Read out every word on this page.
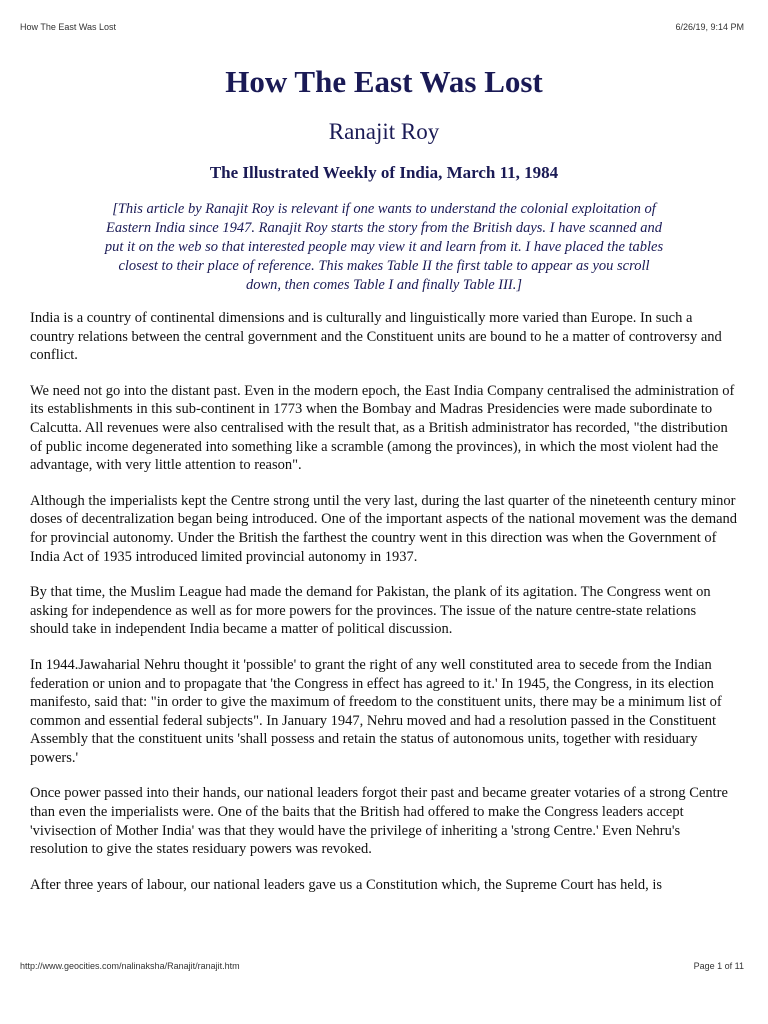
How The East Was Lost	6/26/19, 9:14 PM
How The East Was Lost
Ranajit Roy
The Illustrated Weekly of India, March 11, 1984

[This article by Ranajit Roy is relevant if one wants to understand the colonial exploitation of Eastern India since 1947. Ranajit Roy starts the story from the British days. I have scanned and put it on the web so that interested people may view it and learn from it. I have placed the tables closest to their place of reference. This makes Table II the first table to appear as you scroll down, then comes Table I and finally Table III.]

India is a country of continental dimensions and is culturally and linguistically more varied than Europe. In such a country relations between the central government and the Constituent units are bound to he a matter of controversy and conflict.

We need not go into the distant past. Even in the modern epoch, the East India Company centralised the administration of its establishments in this sub-continent in 1773 when the Bombay and Madras Presidencies were made subordinate to Calcutta. All revenues were also centralised with the result that, as a British administrator has recorded, "the distribution of public income degenerated into something like a scramble (among the provinces), in which the most violent had the advantage, with very little attention to reason".

Although the imperialists kept the Centre strong until the very last, during the last quarter of the nineteenth century minor doses of decentralization began being introduced. One of the important aspects of the national movement was the demand for provincial autonomy. Under the British the farthest the country went in this direction was when the Government of India Act of 1935 introduced limited provincial autonomy in 1937.

By that time, the Muslim League had made the demand for Pakistan, the plank of its agitation. The Congress went on asking for independence as well as for more powers for the provinces. The issue of the nature centre-state relations should take in independent India became a matter of political discussion.

In 1944.Jawaharial Nehru thought it 'possible' to grant the right of any well constituted area to secede from the Indian federation or union and to propagate that 'the Congress in effect has agreed to it.' In 1945, the Congress, in its election manifesto, said that: "in order to give the maximum of freedom to the constituent units, there may be a minimum list of common and essential federal subjects". In January 1947, Nehru moved and had a resolution passed in the Constituent Assembly that the constituent units 'shall possess and retain the status of autonomous units, together with residuary powers.'

Once power passed into their hands, our national leaders forgot their past and became greater votaries of a strong Centre than even the imperialists were. One of the baits that the British had offered to make the Congress leaders accept 'vivisection of Mother India' was that they would have the privilege of inheriting a 'strong Centre.' Even Nehru's resolution to give the states residuary powers was revoked.

After three years of labour, our national leaders gave us a Constitution which, the Supreme Court has held, is

http://www.geocities.com/nalinaksha/Ranajit/ranajit.htm	Page 1 of 11
